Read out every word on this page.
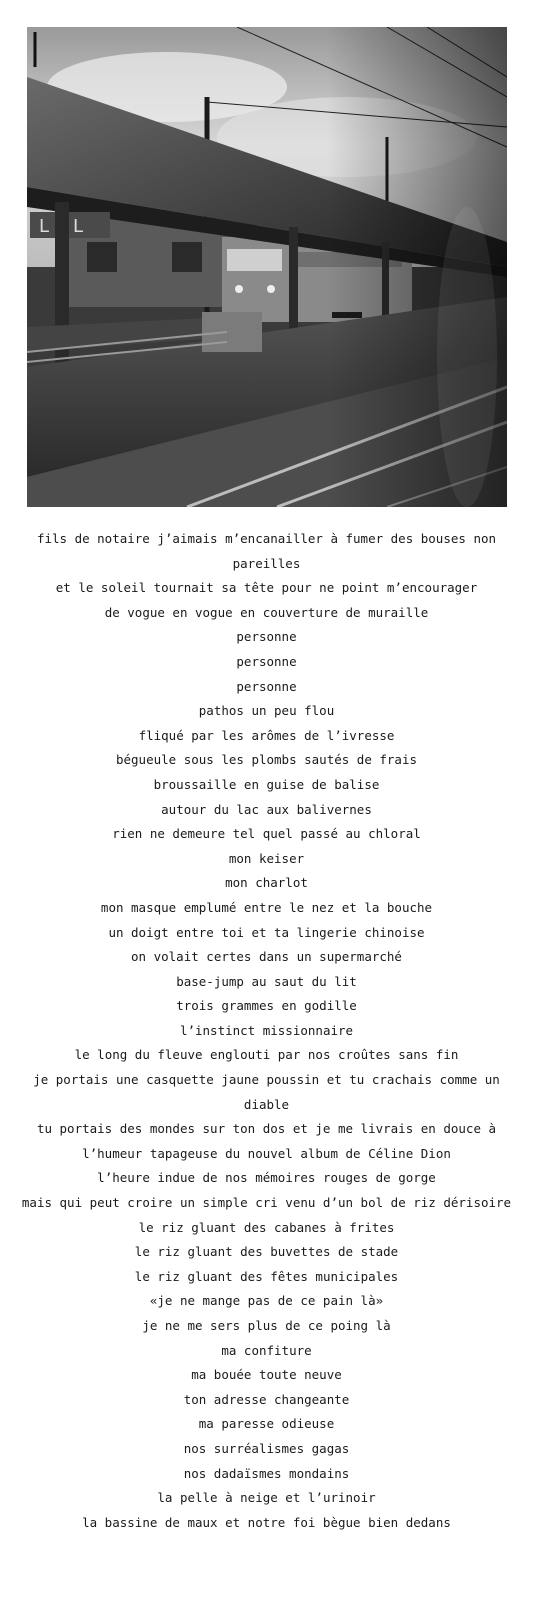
L L
fils de notaire j’aimais m’encanailler à fumer des bouses non pareilles
et le soleil tournait sa tête pour ne point m’encourager
de vogue en vogue en couverture de muraille
personne
personne
personne
pathos un peu flou
fliqué par les arômes de l’ivresse
bégueule sous les plombs sautés de frais
broussaille en guise de balise
autour du lac aux balivernes
rien ne demeure tel quel passé au chloral
mon keiser
mon charlot
mon masque emplumé entre le nez et la bouche
un doigt entre toi et ta lingerie chinoise
on volait certes dans un supermarché
base-jump au saut du lit
trois grammes en godille
l’instinct missionnaire
le long du fleuve englouti par nos croûtes sans fin
je portais une casquette jaune poussin et tu crachais comme un diable
tu portais des mondes sur ton dos et je me livrais en douce à l’humeur tapageuse du nouvel album de Céline Dion
l’heure indue de nos mémoires rouges de gorge
mais qui peut croire un simple cri venu d’un bol de riz dérisoire
le riz gluant des cabanes à frites
le riz gluant des buvettes de stade
le riz gluant des fêtes municipales
«je ne mange pas de ce pain là»
je ne me sers plus de ce poing là
ma confiture
ma bouée toute neuve
ton adresse changeante
ma paresse odieuse
nos surréalismes gagas
nos dadaïsmes mondains
la pelle à neige et l’urinoir
la bassine de maux et notre foi bègue bien dedans
